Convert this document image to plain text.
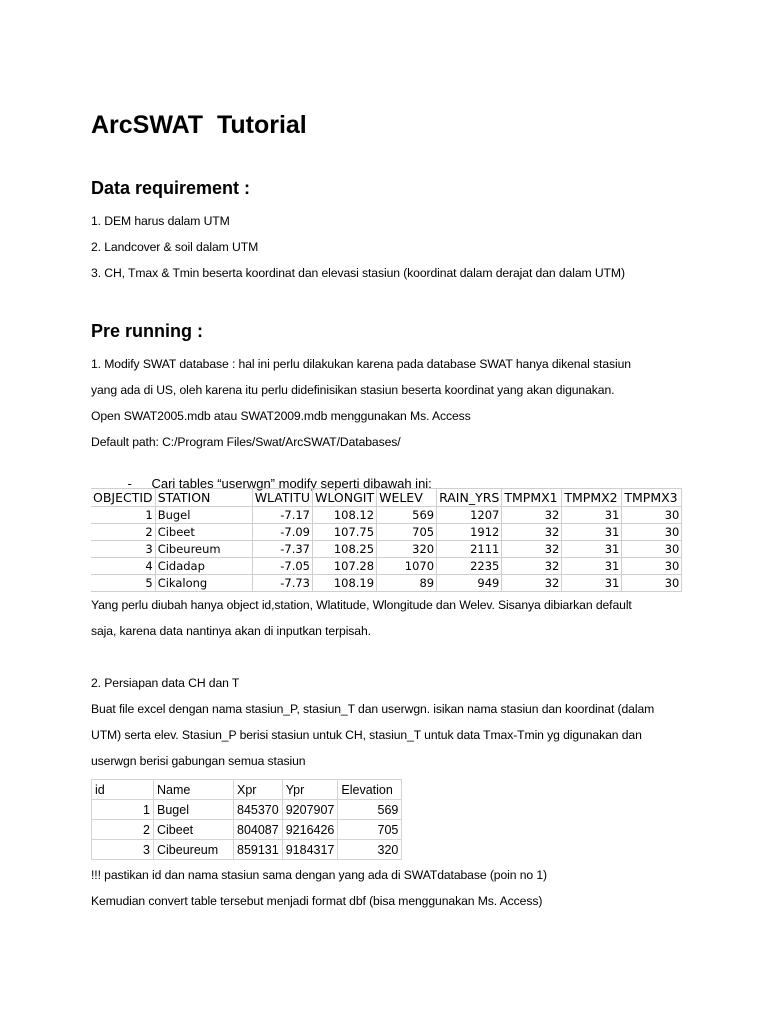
ArcSWAT  Tutorial
Data requirement :
1. DEM harus dalam UTM
2. Landcover & soil dalam UTM
3. CH, Tmax & Tmin beserta koordinat dan elevasi stasiun (koordinat dalam derajat dan dalam UTM)
Pre running :
1. Modify SWAT database : hal ini perlu dilakukan karena pada database SWAT hanya dikenal stasiun
yang ada di US, oleh karena itu perlu didefinisikan stasiun beserta koordinat yang akan digunakan.
Open SWAT2005.mdb atau SWAT2009.mdb menggunakan Ms. Access
Default path: C:/Program Files/Swat/ArcSWAT/Databases/

- Cari tables “userwgn” modify seperti dibawah ini:

OBJECTID	STATION	WLATITU	WLONGIT	WELEV	RAIN_YRS	TMPMX1	TMPMX2	TMPMX3
1	Bugel	-7.17	108.12	569	1207	32	31	30
2	Cibeet	-7.09	107.75	705	1912	32	31	30
3	Cibeureum	-7.37	108.25	320	2111	32	31	30
4	Cidadap	-7.05	107.28	1070	2235	32	31	30
5	Cikalong	-7.73	108.19	89	949	32	31	30
Yang perlu diubah hanya object id,station, Wlatitude, Wlongitude dan Welev. Sisanya dibiarkan default
saja, karena data nantinya akan di inputkan terpisah.
2. Persiapan data CH dan T
Buat file excel dengan nama stasiun_P, stasiun_T dan userwgn. isikan nama stasiun dan koordinat (dalam
UTM) serta elev. Stasiun_P berisi stasiun untuk CH, stasiun_T untuk data Tmax-Tmin yg digunakan dan
userwgn berisi gabungan semua stasiun
id	Name	Xpr	Ypr	Elevation
1	Bugel	845370	9207907	569
2	Cibeet	804087	9216426	705
3	Cibeureum	859131	9184317	320
!!! pastikan id dan nama stasiun sama dengan yang ada di SWATdatabase (poin no 1)
Kemudian convert table tersebut menjadi format dbf (bisa menggunakan Ms. Access)
